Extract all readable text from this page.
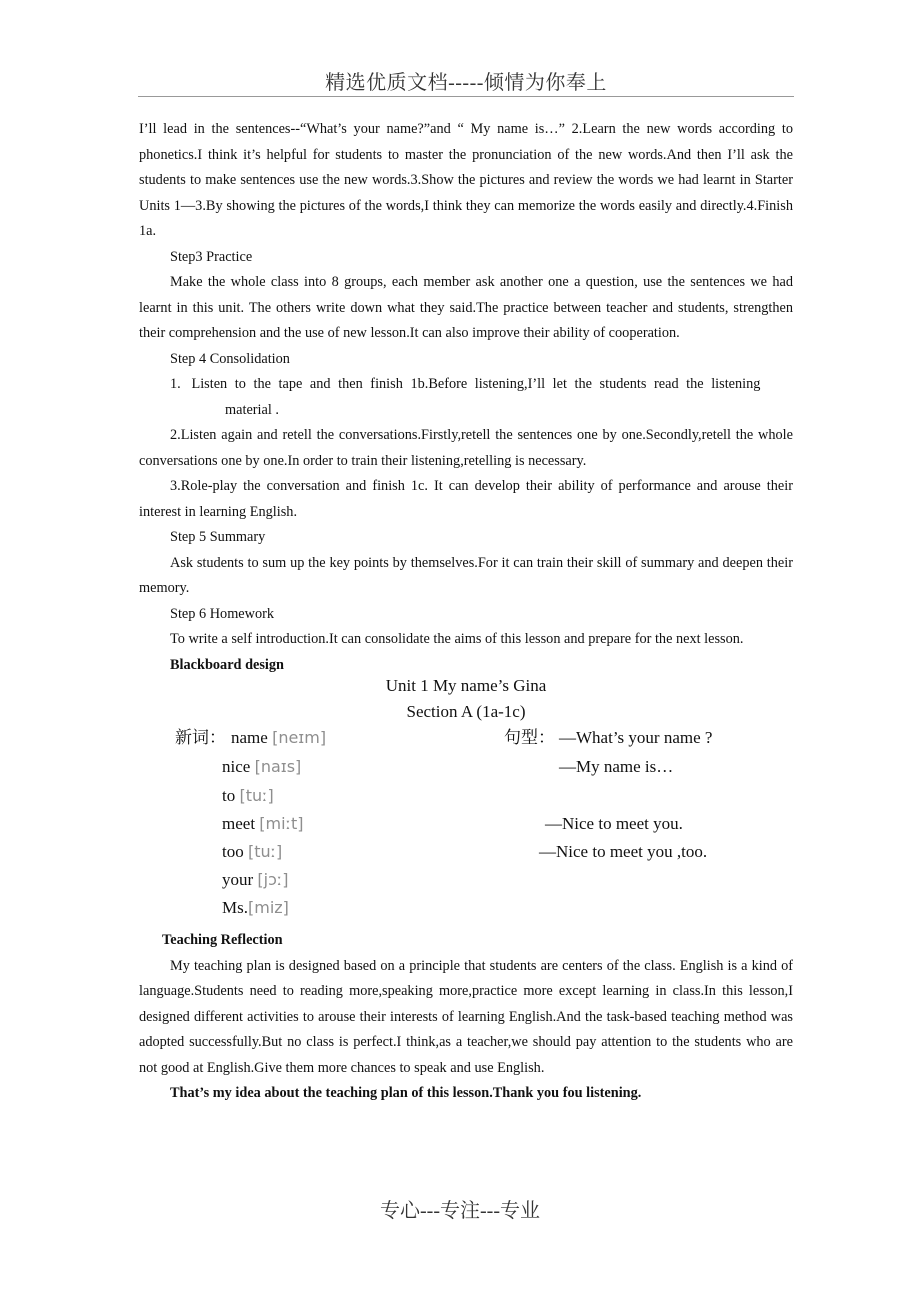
精选优质文档-----倾情为你奉上

I’ll lead in the sentences--“What’s your name?”and “ My name is…” 2.Learn the new words according to phonetics.I think it’s helpful for students to master the pronunciation of the new words.And then I’ll ask the students to make sentences use the new words.3.Show the pictures and review the words we had learnt in Starter Units 1—3.By showing the pictures of the words,I think they can memorize the words easily and directly.4.Finish 1a.

Step3 Practice

Make the whole class into 8 groups, each member ask another one a question, use the sentences we had learnt in this unit. The others write down what they said.The practice between teacher and students, strengthen their comprehension and the use of new lesson.It can also improve their ability of cooperation.

Step 4 Consolidation

1. Listen to the tape and then finish 1b.Before listening,I’ll let the students read the listening
material .

2.Listen again and retell the conversations.Firstly,retell the sentences one by one.Secondly,retell the whole conversations one by one.In order to train their listening,retelling is necessary.

3.Role-play the conversation and finish 1c. It can develop their ability of performance and arouse their interest in learning English.

Step 5 Summary

Ask students to sum up the key points by themselves.For it can train their skill of summary and deepen their memory.

Step 6 Homework

To write a self introduction.It can consolidate the aims of this lesson and prepare for the next lesson.

Blackboard design

Unit 1 My name’s Gina
Section A (1a-1c)
新词： name [neɪm]
nice [naɪs]
to [tuː]
meet [miːt]
too [tuː]
your [jɔː]
Ms.[miz]
句型： —What’s your name ?
—My name is…
—Nice to meet you.
—Nice to meet you ,too.

Teaching Reflection

My teaching plan is designed based on a principle that students are centers of the class. English is a kind of language.Students need to reading more,speaking more,practice more except learning in class.In this lesson,I designed different activities to arouse their interests of learning English.And the task-based teaching method was adopted successfully.But no class is perfect.I think,as a teacher,we should pay attention to the students who are not good at English.Give them more chances to speak and use English.

That’s my idea about the teaching plan of this lesson.Thank you fou listening.

专心---专注---专业
